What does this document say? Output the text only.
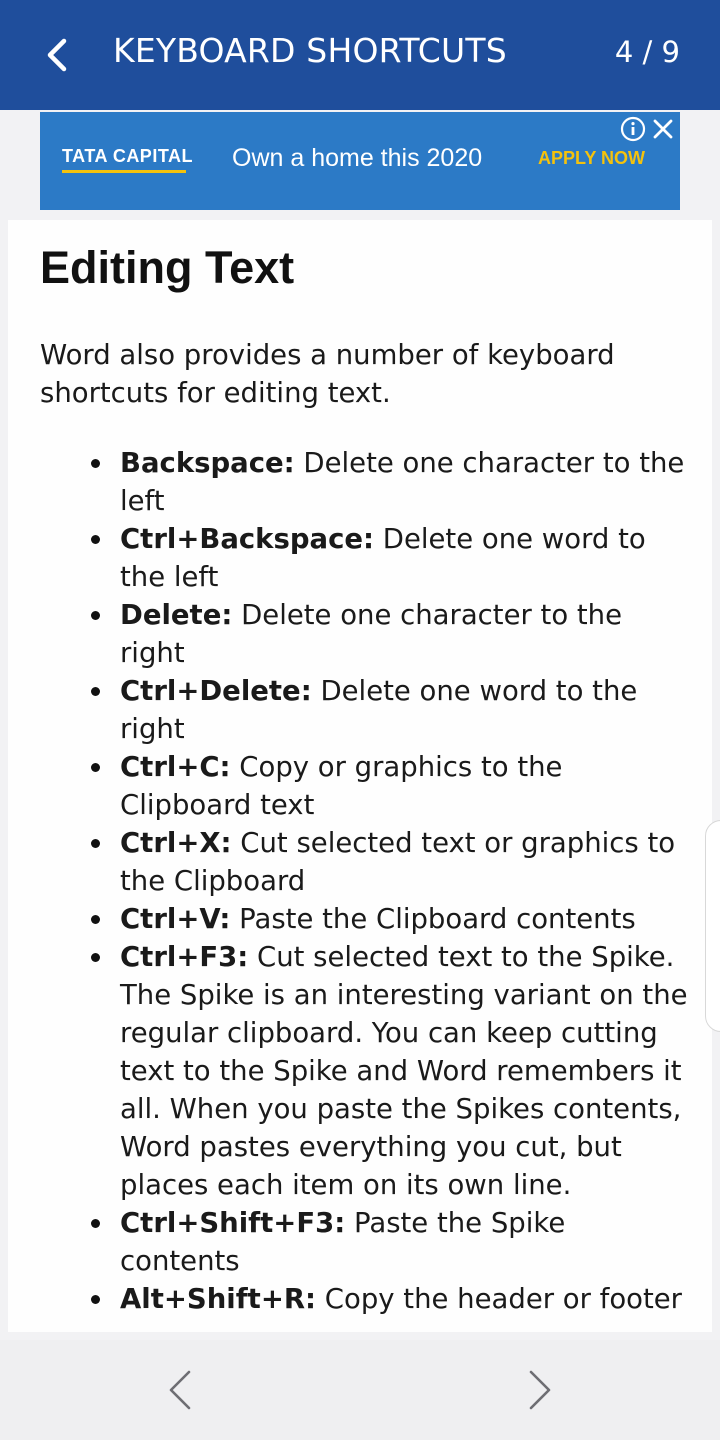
KEYBOARD SHORTCUTS	4 / 9
TATA CAPITAL Own a home this 2020	APPLY NOW
Editing Text

Word also provides a number of keyboard shortcuts for editing text.

Backspace: Delete one character to the left
Ctrl+Backspace: Delete one word to the left
Delete: Delete one character to the right
Ctrl+Delete: Delete one word to the right
Ctrl+C: Copy or graphics to the Clipboard text
Ctrl+X: Cut selected text or graphics to the Clipboard
Ctrl+V: Paste the Clipboard contents
Ctrl+F3: Cut selected text to the Spike. The Spike is an interesting variant on the regular clipboard. You can keep cutting text to the Spike and Word remembers it all. When you paste the Spikes contents, Word pastes everything you cut, but places each item on its own line.
Ctrl+Shift+F3: Paste the Spike contents
Alt+Shift+R: Copy the header or footer
